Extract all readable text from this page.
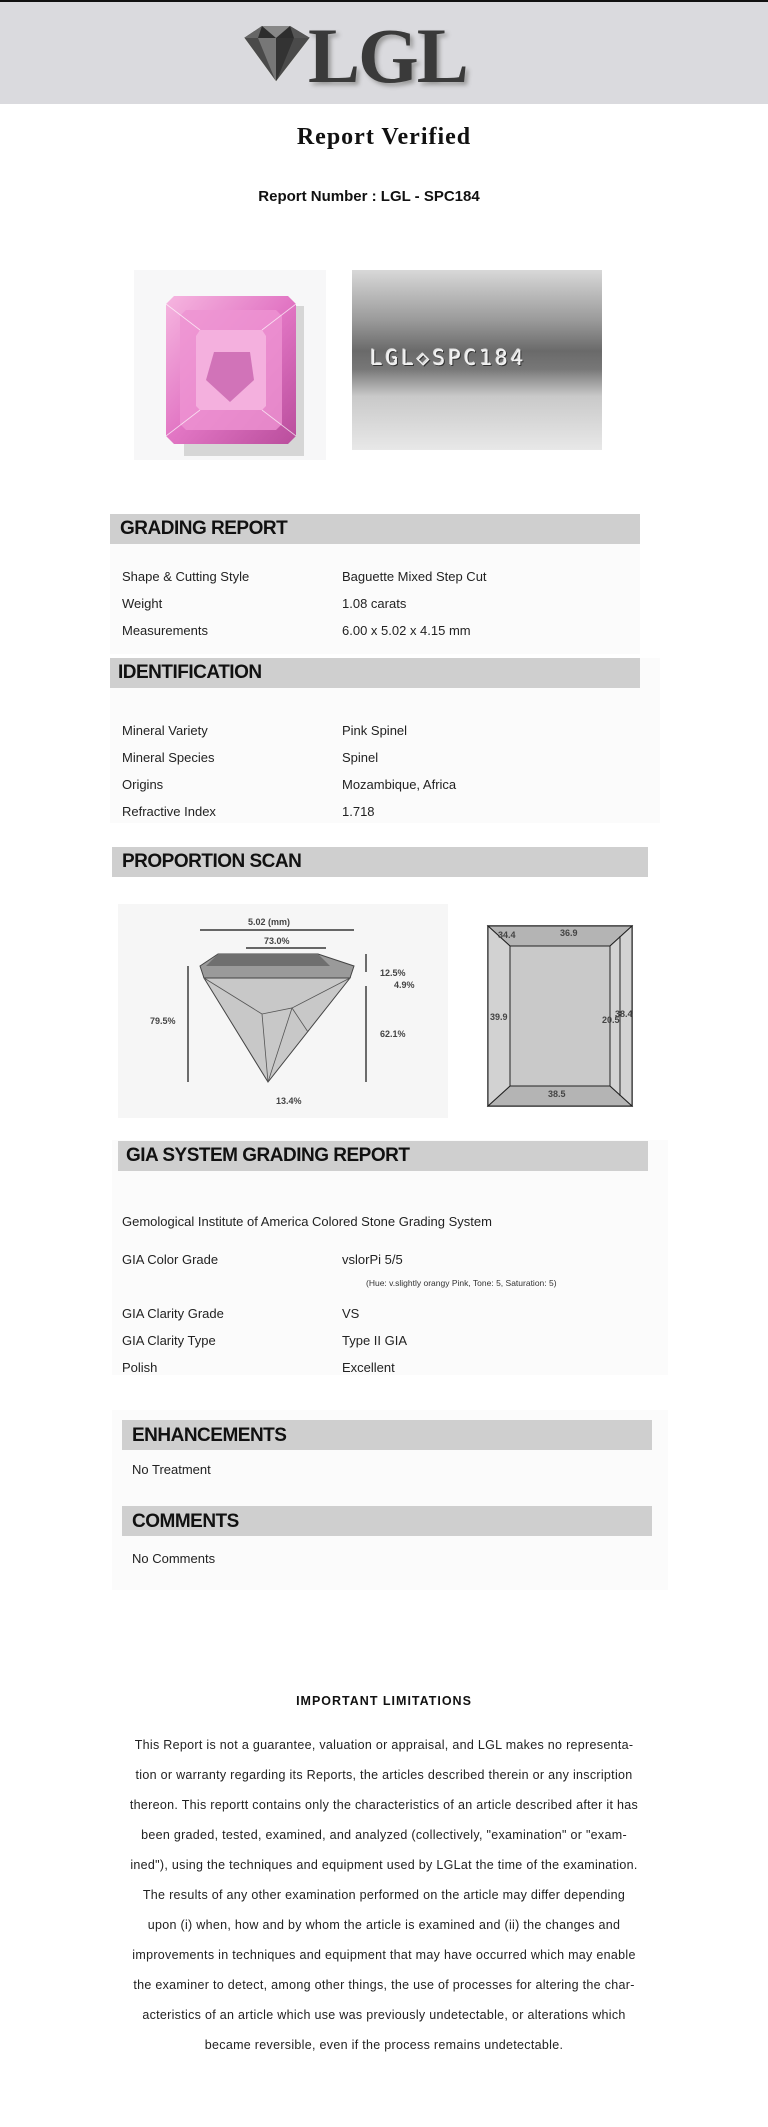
LGL
Report Verified
Report Number : LGL - SPC184
LGL◇SPC184
GRADING REPORT
Shape & Cutting Style	Baguette Mixed Step Cut
Weight	1.08 carats
Measurements	6.00 x 5.02 x 4.15 mm
IDENTIFICATION
Mineral Variety	Pink Spinel
Mineral Species	Spinel
Origins	Mozambique, Africa
Refractive Index	1.718
PROPORTION SCAN
5.02 (mm)
73.0%
79.5%
12.5%
4.9%
62.1%
13.4%
34.4	36.9
39.9	20.5
38.4
38.5
GIA SYSTEM GRADING REPORT
Gemological Institute of America Colored Stone Grading System
GIA Color Grade	vslorPi 5/5
(Hue: v.slightly orangy Pink, Tone: 5, Saturation: 5)
GIA Clarity Grade	VS
GIA Clarity Type	Type II GIA
Polish	Excellent
ENHANCEMENTS
No Treatment
COMMENTS
No Comments
IMPORTANT LIMITATIONS
This Report is not a guarantee, valuation or appraisal, and LGL makes no representa-
tion or warranty regarding its Reports, the articles described therein or any inscription
thereon. This reportt contains only the characteristics of an article described after it has
been graded, tested, examined, and analyzed (collectively, "examination" or "exam-
ined"), using the techniques and equipment used by LGLat the time of the examination.
The results of any other examination performed on the article may differ depending
upon (i) when, how and by whom the article is examined and (ii) the changes and
improvements in techniques and equipment that may have occurred which may enable
the examiner to detect, among other things, the use of processes for altering the char-
acteristics of an article which use was previously undetectable, or alterations which
became reversible, even if the process remains undetectable.
